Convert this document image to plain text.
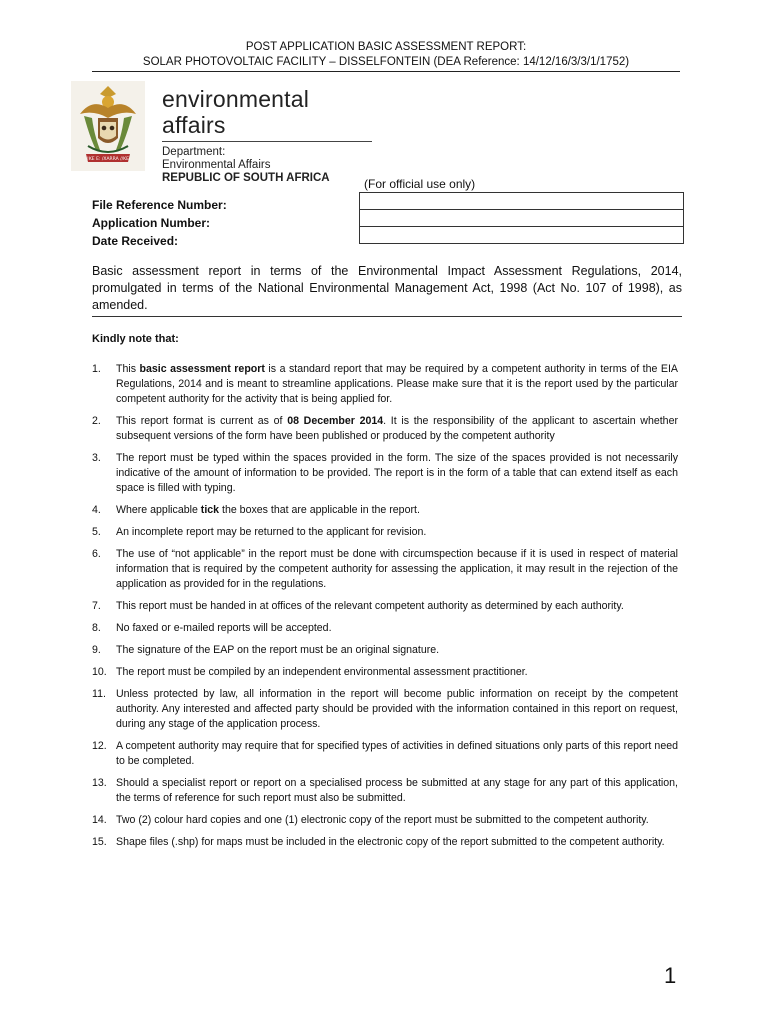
POST APPLICATION BASIC ASSESSMENT REPORT:
SOLAR PHOTOVOLTAIC FACILITY – DISSELFONTEIN (DEA Reference: 14/12/16/3/3/1/1752)
!KE E: /XARRA //KE
environmental affairs
Department:
Environmental Affairs
REPUBLIC OF SOUTH AFRICA	(For official use only)
File Reference Number:
Application Number:
Date Received:

Basic assessment report in terms of the Environmental Impact Assessment Regulations, 2014, promulgated in terms of the National Environmental Management Act, 1998 (Act No. 107 of 1998), as amended.
Kindly note that:
1. This basic assessment report is a standard report that may be required by a competent authority in terms of the EIA Regulations, 2014 and is meant to streamline applications. Please make sure that it is the report used by the particular competent authority for the activity that is being applied for.
2. This report format is current as of 08 December 2014. It is the responsibility of the applicant to ascertain whether subsequent versions of the form have been published or produced by the competent authority
3. The report must be typed within the spaces provided in the form. The size of the spaces provided is not necessarily indicative of the amount of information to be provided. The report is in the form of a table that can extend itself as each space is filled with typing.
4. Where applicable tick the boxes that are applicable in the report.
5. An incomplete report may be returned to the applicant for revision.
6. The use of “not applicable” in the report must be done with circumspection because if it is used in respect of material information that is required by the competent authority for assessing the application, it may result in the rejection of the application as provided for in the regulations.
7. This report must be handed in at offices of the relevant competent authority as determined by each authority.
8. No faxed or e-mailed reports will be accepted.
9. The signature of the EAP on the report must be an original signature.
10. The report must be compiled by an independent environmental assessment practitioner.
11. Unless protected by law, all information in the report will become public information on receipt by the competent authority. Any interested and affected party should be provided with the information contained in this report on request, during any stage of the application process.
12. A competent authority may require that for specified types of activities in defined situations only parts of this report need to be completed.
13. Should a specialist report or report on a specialised process be submitted at any stage for any part of this application, the terms of reference for such report must also be submitted.
14. Two (2) colour hard copies and one (1) electronic copy of the report must be submitted to the competent authority.
15. Shape files (.shp) for maps must be included in the electronic copy of the report submitted to the competent authority.
1
